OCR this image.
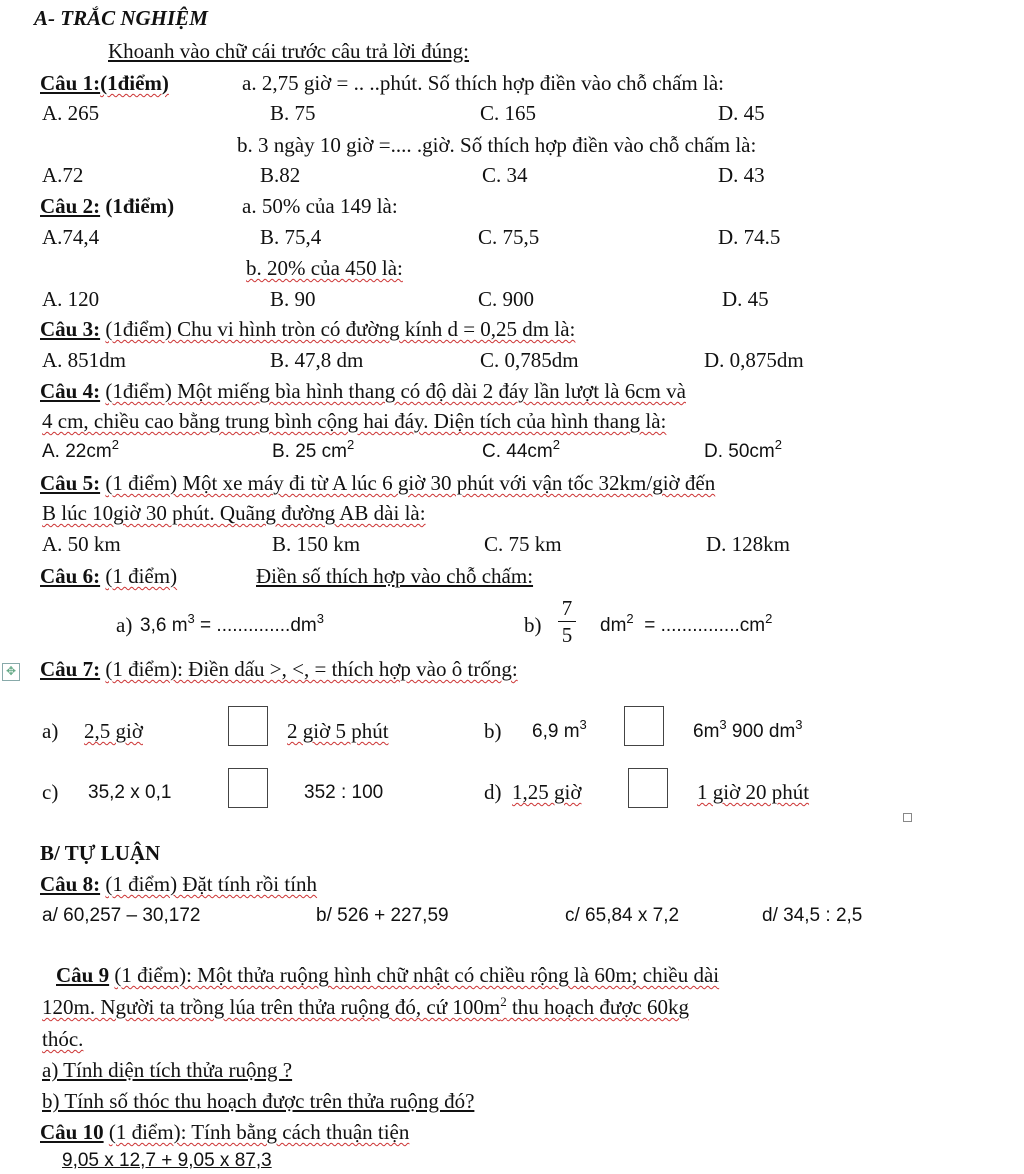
A- TRẮC NGHIỆM
Khoanh vào chữ cái trước câu trả lời đúng:
Câu 1:(1điểm)	a. 2,75 giờ = .. ..phút. Số thích hợp điền vào chỗ chấm là:
A. 265	B. 75	C. 165	D. 45
b. 3 ngày 10 giờ =.... .giờ. Số thích hợp điền vào chỗ chấm là:
A.72	B.82	C. 34	D. 43
Câu 2: (1điểm)	a. 50% của 149 là:
A.74,4	B. 75,4	C. 75,5	D. 74.5
b. 20% của 450 là:
A. 120	B. 90	C. 900	D. 45
Câu 3: (1điểm) Chu vi hình tròn có đường kính d = 0,25 dm là:
A. 851dm	B. 47,8 dm	C. 0,785dm	D. 0,875dm
Câu 4: (1điểm) Một miếng bìa hình thang có độ dài 2 đáy lần lượt là 6cm và
4 cm, chiều cao bằng trung bình cộng hai đáy. Diện tích của hình thang là:
A. $22cm^2$	B. 25 $cm^2$	C. $44cm^2$	D. $50cm^2$
Câu 5: (1 điểm) Một xe máy đi từ A lúc 6 giờ 30 phút với vận tốc 32km/giờ đến
B lúc 10giờ 30 phút. Quãng đường AB dài là:
A. 50 km	B. 150 km	C. 75 km	D. 128km
Câu 6: (1 điểm)	Điền số thích hợp vào chỗ chấm:
a) 3,6 $m^3 = ..............dm^3$	b)
7
5	$dm^2 = ...............cm^2$
✥ Câu 7: (1 điểm): Điền dấu >, <, = thích hợp vào ô trống:
a) 2,5 giờ	2 giờ 5 phút	b) 6,9 $m^3$	$6m^3$ 900 $dm^3$
c) 35,2 x 0,1	352 : 100	d) 1,25 giờ	1 giờ 20 phút
B/ TỰ LUẬN
Câu 8: (1 điểm) Đặt tính rồi tính
a/ 60,257 – 30,172	b/ 526 + 227,59	c/ 65,84 x 7,2	d/ 34,5 : 2,5
Câu 9 (1 điểm): Một thửa ruộng hình chữ nhật có chiều rộng là 60m; chiều dài
120m. Người ta trồng lúa trên thửa ruộng đó, cứ $100m^2$ thu hoạch được 60kg
thóc.
a) Tính diện tích thửa ruộng ?
b) Tính số thóc thu hoạch được trên thửa ruộng đó?
Câu 10 (1 điểm): Tính bằng cách thuận tiện
9,05 x 12,7 + 9,05 x 87,3
